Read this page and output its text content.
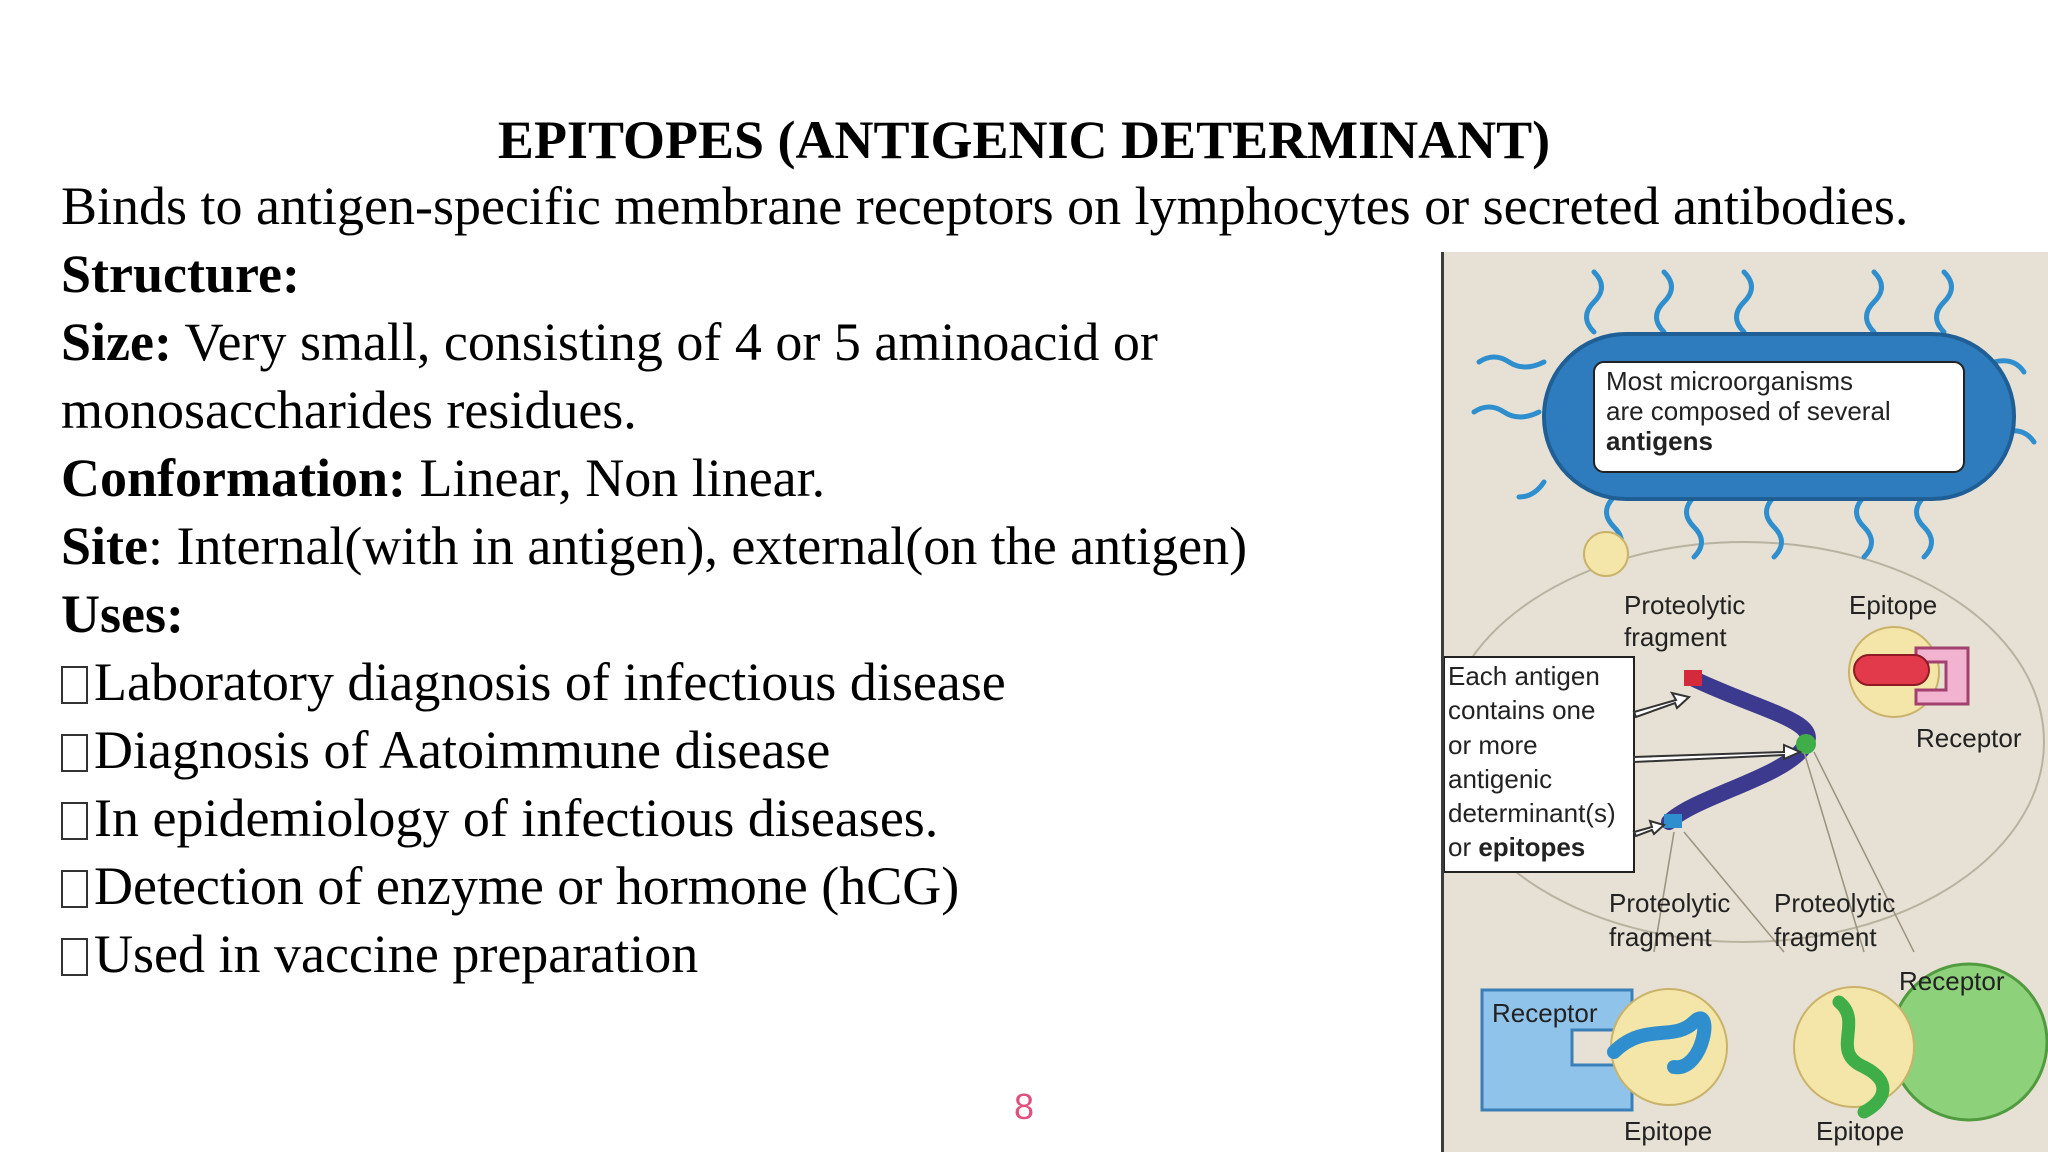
EPITOPES (ANTIGENIC DETERMINANT)
Binds to antigen-specific membrane receptors on lymphocytes or secreted antibodies.
Structure:
Size: Very small, consisting of 4 or 5 aminoacid or
monosaccharides residues.
Conformation: Linear, Non linear.
Site: Internal(with in antigen), external(on the antigen)
Uses:
Laboratory diagnosis of infectious disease
Diagnosis of Aatoimmune disease
In epidemiology of infectious diseases.
Detection of enzyme or hormone (hCG)
Used in vaccine preparation
8
Most microorganisms
are composed of several
antigens
Proteolytic
fragment
Epitope
Receptor
Each antigen
contains one
or more
antigenic
determinant(s)
or epitopes
Proteolytic
fragment
Proteolytic
fragment
Receptor
Epitope
Receptor
Epitope
